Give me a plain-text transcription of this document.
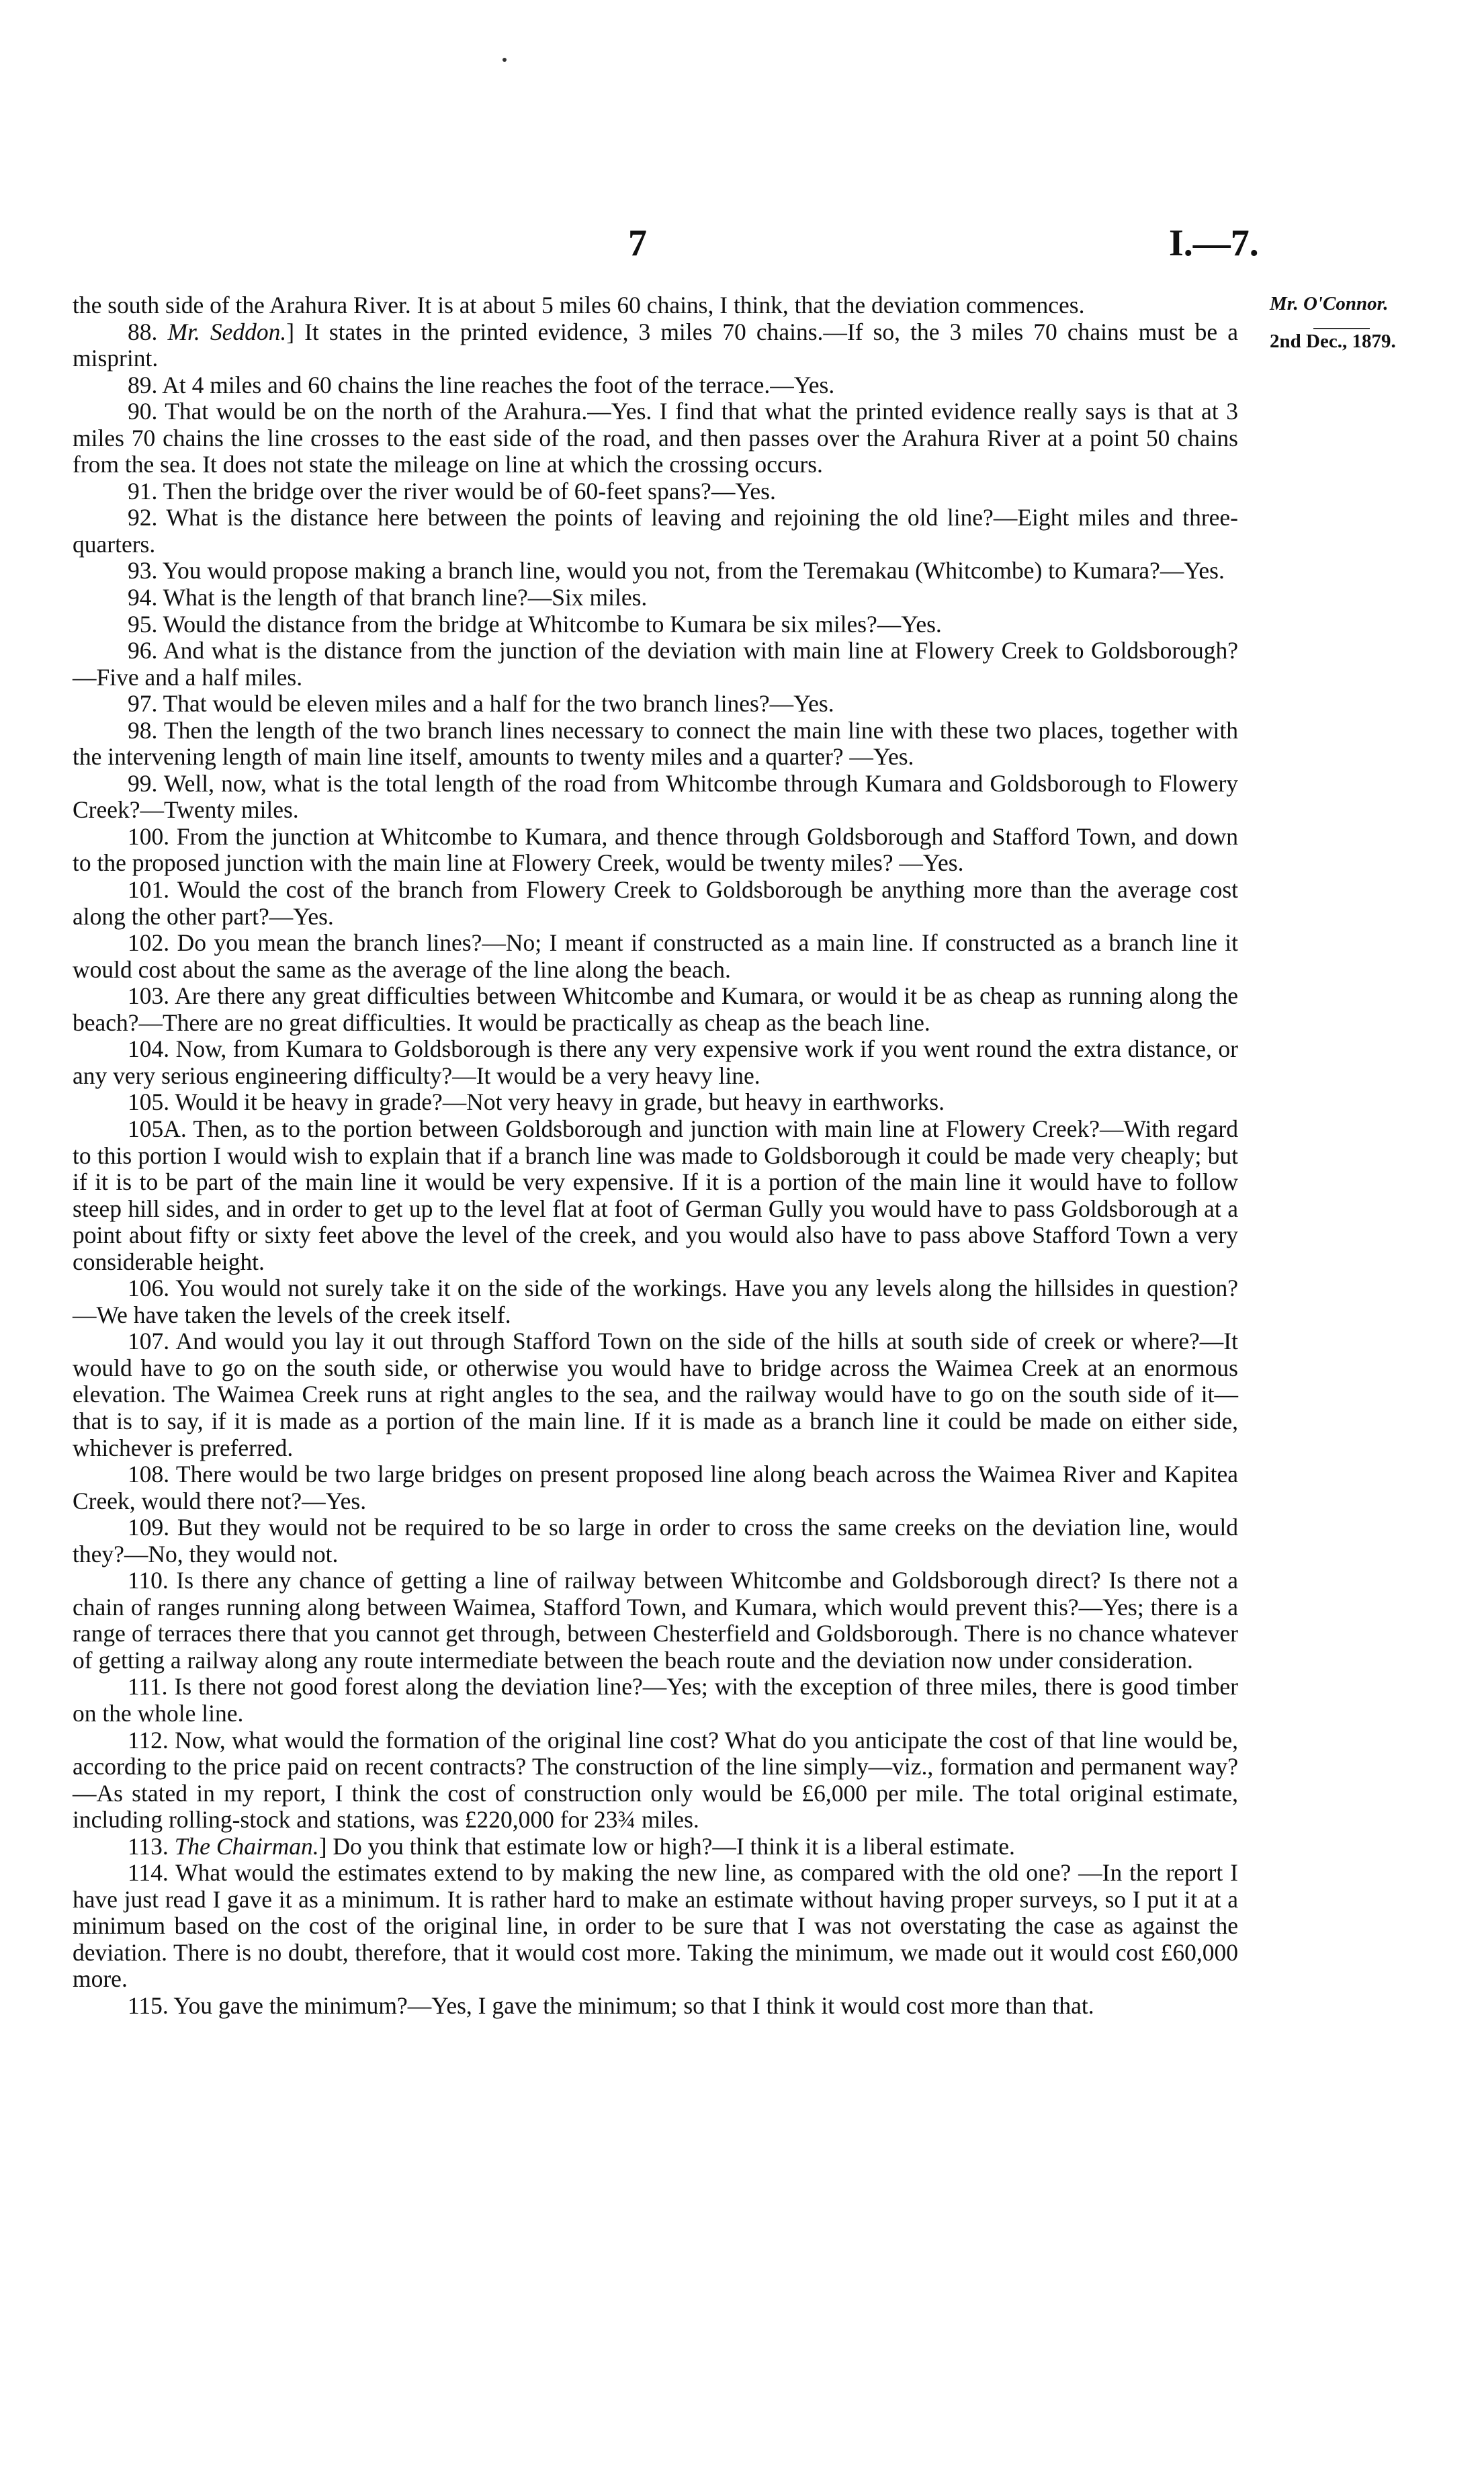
7	I.—7.
Mr. O'Connor.
2nd Dec., 1879.

the south side of the Arahura River. It is at about 5 miles 60 chains, I think, that the deviation commences.

88. Mr. Seddon.] It states in the printed evidence, 3 miles 70 chains.—If so, the 3 miles 70 chains must be a misprint.

89. At 4 miles and 60 chains the line reaches the foot of the terrace.—Yes.

90. That would be on the north of the Arahura.—Yes. I find that what the printed evidence really says is that at 3 miles 70 chains the line crosses to the east side of the road, and then passes over the Arahura River at a point 50 chains from the sea. It does not state the mileage on line at which the crossing occurs.

91. Then the bridge over the river would be of 60-feet spans?—Yes.

92. What is the distance here between the points of leaving and rejoining the old line?—Eight miles and three-quarters.

93. You would propose making a branch line, would you not, from the Teremakau (Whitcombe) to Kumara?—Yes.

94. What is the length of that branch line?—Six miles.

95. Would the distance from the bridge at Whitcombe to Kumara be six miles?—Yes.

96. And what is the distance from the junction of the deviation with main line at Flowery Creek to Goldsborough?—Five and a half miles.

97. That would be eleven miles and a half for the two branch lines?—Yes.

98. Then the length of the two branch lines necessary to connect the main line with these two places, together with the intervening length of main line itself, amounts to twenty miles and a quarter? —Yes.

99. Well, now, what is the total length of the road from Whitcombe through Kumara and Goldsborough to Flowery Creek?—Twenty miles.

100. From the junction at Whitcombe to Kumara, and thence through Goldsborough and Stafford Town, and down to the proposed junction with the main line at Flowery Creek, would be twenty miles? —Yes.

101. Would the cost of the branch from Flowery Creek to Goldsborough be anything more than the average cost along the other part?—Yes.

102. Do you mean the branch lines?—No; I meant if constructed as a main line. If constructed as a branch line it would cost about the same as the average of the line along the beach.

103. Are there any great difficulties between Whitcombe and Kumara, or would it be as cheap as running along the beach?—There are no great difficulties. It would be practically as cheap as the beach line.

104. Now, from Kumara to Goldsborough is there any very expensive work if you went round the extra distance, or any very serious engineering difficulty?—It would be a very heavy line.

105. Would it be heavy in grade?—Not very heavy in grade, but heavy in earthworks.

105A. Then, as to the portion between Goldsborough and junction with main line at Flowery Creek?—With regard to this portion I would wish to explain that if a branch line was made to Goldsborough it could be made very cheaply; but if it is to be part of the main line it would be very expensive. If it is a portion of the main line it would have to follow steep hill sides, and in order to get up to the level flat at foot of German Gully you would have to pass Goldsborough at a point about fifty or sixty feet above the level of the creek, and you would also have to pass above Stafford Town a very considerable height.

106. You would not surely take it on the side of the workings. Have you any levels along the hillsides in question?—We have taken the levels of the creek itself.

107. And would you lay it out through Stafford Town on the side of the hills at south side of creek or where?—It would have to go on the south side, or otherwise you would have to bridge across the Waimea Creek at an enormous elevation. The Waimea Creek runs at right angles to the sea, and the railway would have to go on the south side of it—that is to say, if it is made as a portion of the main line. If it is made as a branch line it could be made on either side, whichever is preferred.

108. There would be two large bridges on present proposed line along beach across the Waimea River and Kapitea Creek, would there not?—Yes.

109. But they would not be required to be so large in order to cross the same creeks on the deviation line, would they?—No, they would not.

110. Is there any chance of getting a line of railway between Whitcombe and Goldsborough direct? Is there not a chain of ranges running along between Waimea, Stafford Town, and Kumara, which would prevent this?—Yes; there is a range of terraces there that you cannot get through, between Chesterfield and Goldsborough. There is no chance whatever of getting a railway along any route intermediate between the beach route and the deviation now under consideration.

111. Is there not good forest along the deviation line?—Yes; with the exception of three miles, there is good timber on the whole line.

112. Now, what would the formation of the original line cost? What do you anticipate the cost of that line would be, according to the price paid on recent contracts? The construction of the line simply—viz., formation and permanent way?—As stated in my report, I think the cost of construction only would be £6,000 per mile. The total original estimate, including rolling-stock and stations, was £220,000 for 23¾ miles.

113. The Chairman.] Do you think that estimate low or high?—I think it is a liberal estimate.

114. What would the estimates extend to by making the new line, as compared with the old one? —In the report I have just read I gave it as a minimum. It is rather hard to make an estimate without having proper surveys, so I put it at a minimum based on the cost of the original line, in order to be sure that I was not overstating the case as against the deviation. There is no doubt, therefore, that it would cost more. Taking the minimum, we made out it would cost £60,000 more.

115. You gave the minimum?—Yes, I gave the minimum; so that I think it would cost more than that.
